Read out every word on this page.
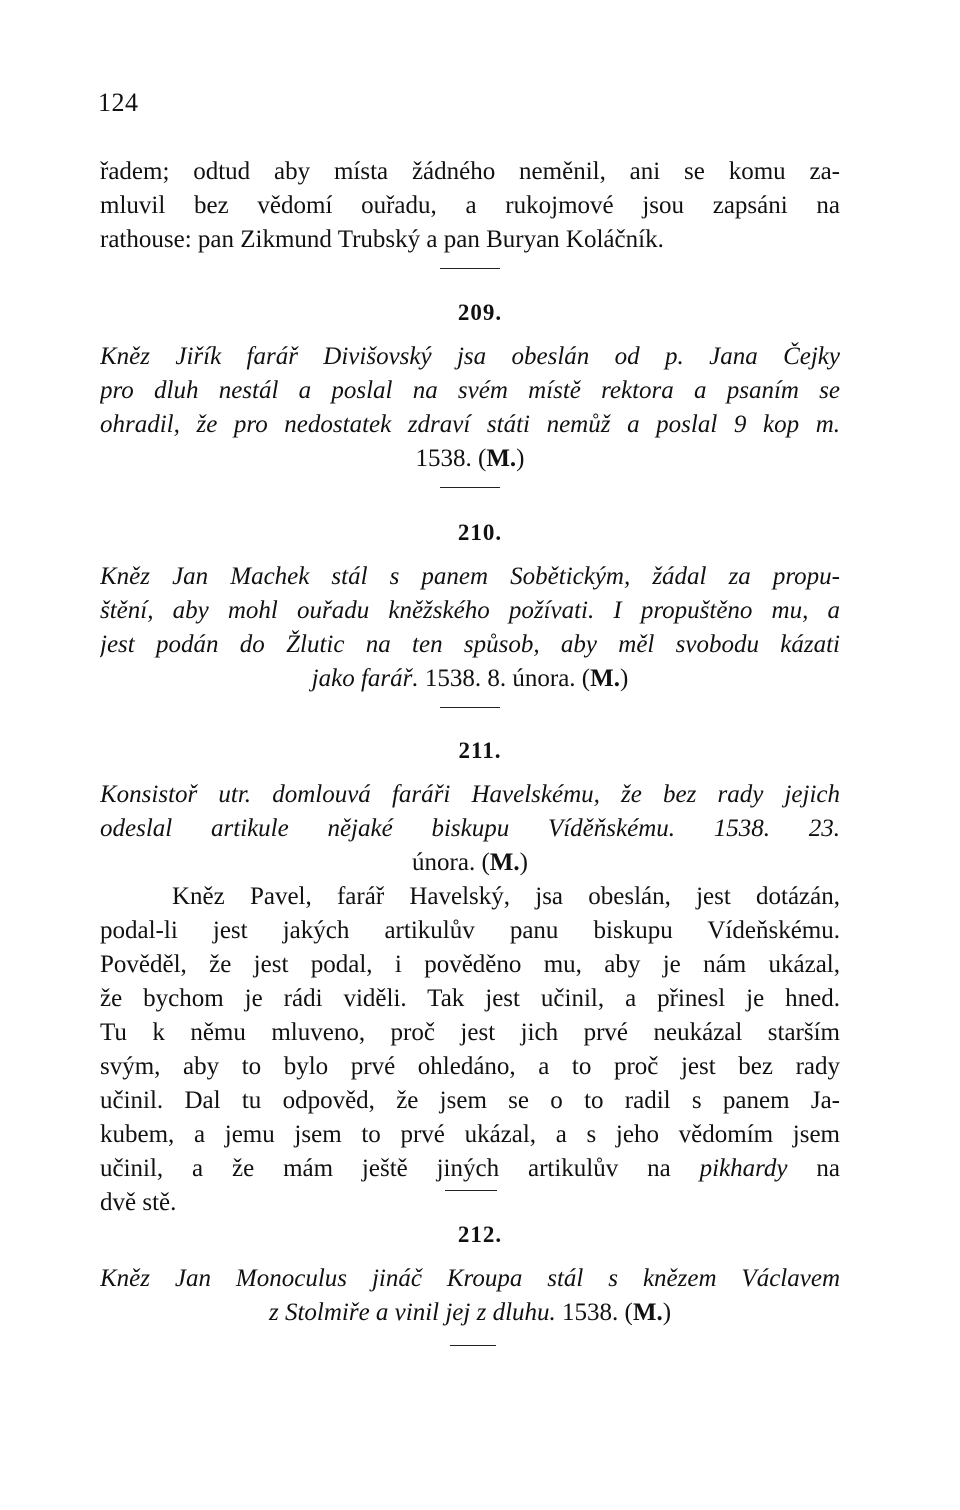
124
řadem; odtud aby místa žádného neměnil, ani se komu za-
mluvil bez vědomí ouřadu, a rukojmové jsou zapsáni na
rathouse: pan Zikmund Trubský a pan Buryan Koláčník.
209.
Kněz Jiřík farář Divišovský jsa obeslán od p. Jana Čejky
pro dluh nestál a poslal na svém místě rektora a psaním se
ohradil, že pro nedostatek zdraví státi nemůž a poslal 9 kop m.
1538. (M.)
210.
Kněz Jan Machek stál s panem Sobětickým, žádal za propu-
štění, aby mohl ouřadu kněžského požívati. I propuštěno mu, a
jest podán do Žlutic na ten spůsob, aby měl svobodu kázati
jako farář. 1538. 8. února. (M.)
211.
Konsistoř utr. domlouvá faráři Havelskému, že bez rady jejich
odeslal artikule nějaké biskupu Víděňskému. 1538. 23.
února. (M.)
Kněz Pavel, farář Havelský, jsa obeslán, jest dotázán,
podal-li jest jakých artikulův panu biskupu Vídeňskému.
Pověděl, že jest podal, i pověděno mu, aby je nám ukázal,
že bychom je rádi viděli. Tak jest učinil, a přinesl je hned.
Tu k němu mluveno, proč jest jich prvé neukázal starším
svým, aby to bylo prvé ohledáno, a to proč jest bez rady
učinil. Dal tu odpověd, že jsem se o to radil s panem Ja-
kubem, a jemu jsem to prvé ukázal, a s jeho vědomím jsem
učinil, a že mám ještě jiných artikulův na pikhardy na
dvě stě.
212.
Kněz Jan Monoculus jináč Kroupa stál s knězem Václavem
z Stolmiře a vinil jej z dluhu. 1538. (M.)
